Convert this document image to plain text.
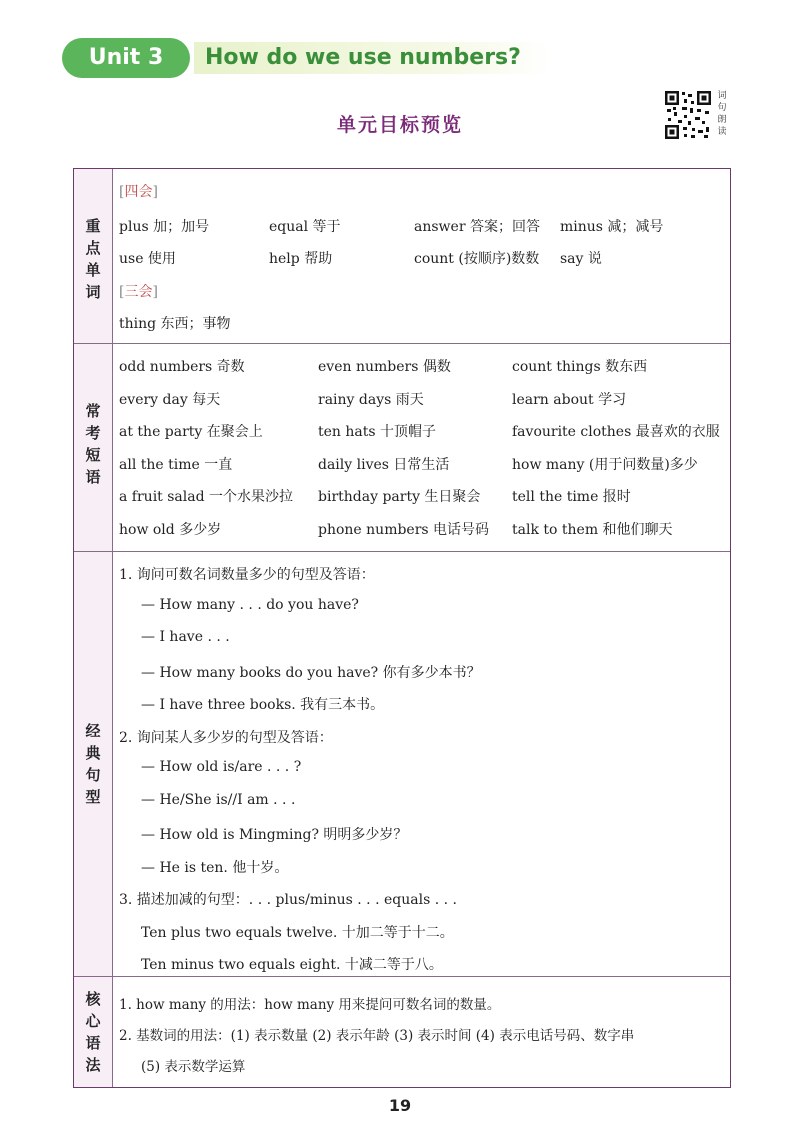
Unit 3	How do we use numbers?
词句朗读
单元目标预览
重
点
单
词
[四会]
plus 加；加号	equal 等于	answer 答案；回答 minus 减；减号
use 使用	help 帮助	count (按顺序)数数 say 说
[三会]
thing 东西；事物
常
考
短
语
odd numbers 奇数	even numbers 偶数	count things 数东西
every day 每天	rainy days 雨天	learn about 学习
at the party 在聚会上	ten hats 十顶帽子	favourite clothes 最喜欢的衣服
all the time 一直	daily lives 日常生活	how many (用于问数量)多少
a fruit salad 一个水果沙拉 birthday party 生日聚会 tell the time 报时
how old 多少岁	phone numbers 电话号码 talk to them 和他们聊天
经
典
句
型
1. 询问可数名词数量多少的句型及答语：
— How many . . . do you have?
— I have . . .
— How many books do you have? 你有多少本书？
— I have three books. 我有三本书。
2. 询问某人多少岁的句型及答语：
— How old is/are . . . ?
— He/She is//I am . . .
— How old is Mingming? 明明多少岁？
— He is ten. 他十岁。
3. 描述加减的句型：. . . plus/minus . . . equals . . .
Ten plus two equals twelve. 十加二等于十二。
Ten minus two equals eight. 十减二等于八。
核
心
语
法
1. how many 的用法：how many 用来提问可数名词的数量。
2. 基数词的用法：(1) 表示数量 (2) 表示年龄 (3) 表示时间 (4) 表示电话号码、数字串
(5) 表示数学运算
19
